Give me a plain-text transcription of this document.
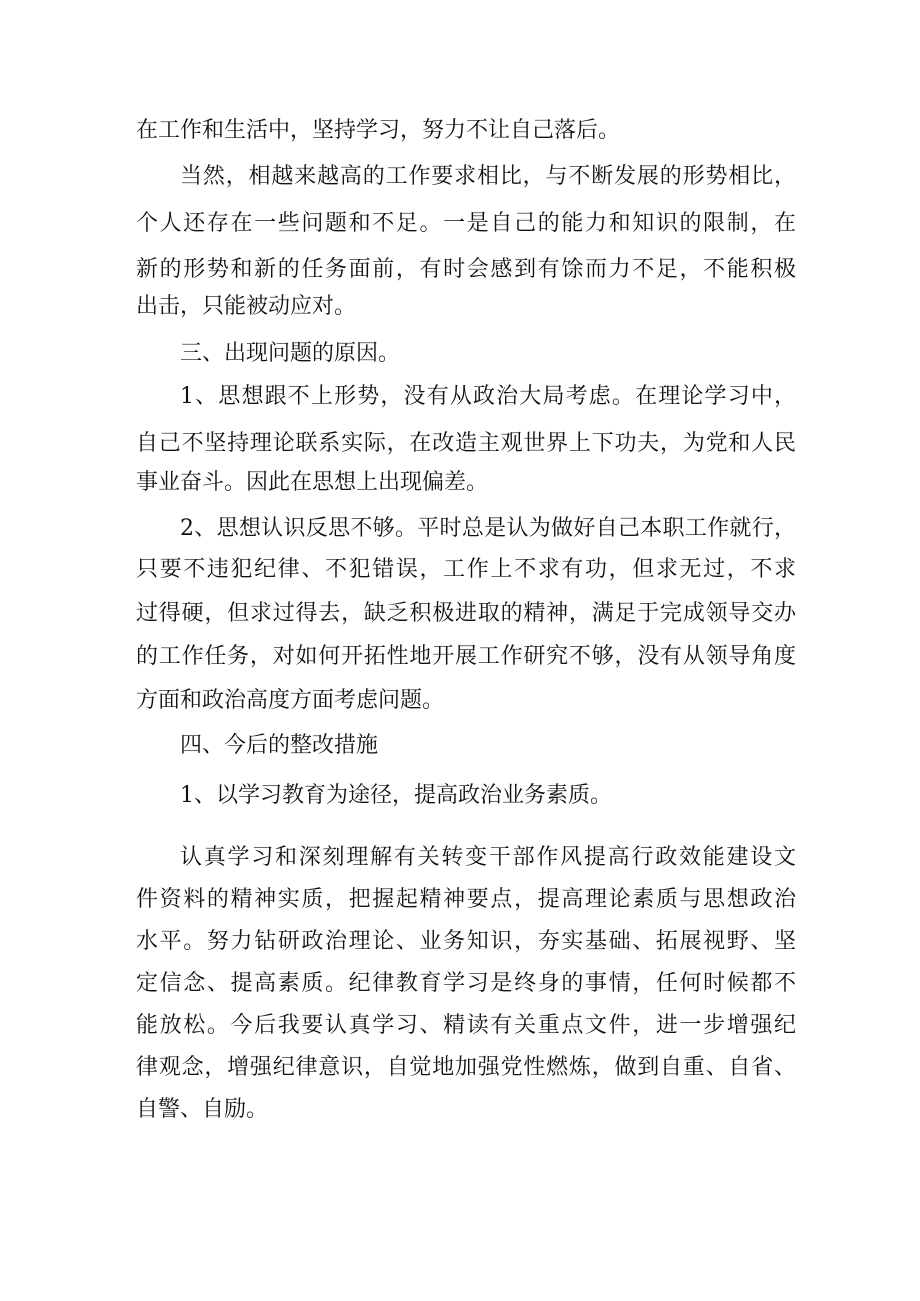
在工作和生活中，坚持学习，努力不让自己落后。
当然，相越来越高的工作要求相比，与不断发展的形势相比，
个人还存在一些问题和不足。一是自己的能力和知识的限制，在
新的形势和新的任务面前，有时会感到有馀而力不足，不能积极
出击，只能被动应对。
三、出现问题的原因。
1、思想跟不上形势，没有从政治大局考虑。在理论学习中，
自己不坚持理论联系实际，在改造主观世界上下功夫，为党和人民
事业奋斗。因此在思想上出现偏差。
2、思想认识反思不够。平时总是认为做好自己本职工作就行，
只要不违犯纪律、不犯错误，工作上不求有功，但求无过，不求
过得硬，但求过得去，缺乏积极进取的精神，满足于完成领导交办
的工作任务，对如何开拓性地开展工作研究不够，没有从领导角度
方面和政治高度方面考虑问题。
四、今后的整改措施
1、以学习教育为途径，提高政治业务素质。
认真学习和深刻理解有关转变干部作风提高行政效能建设文
件资料的精神实质，把握起精神要点，提高理论素质与思想政治
水平。努力钻研政治理论、业务知识，夯实基础、拓展视野、坚
定信念、提高素质。纪律教育学习是终身的事情，任何时候都不
能放松。今后我要认真学习、精读有关重点文件，进一步增强纪
律观念，增强纪律意识，自觉地加强党性燃炼，做到自重、自省、
自警、自励。
